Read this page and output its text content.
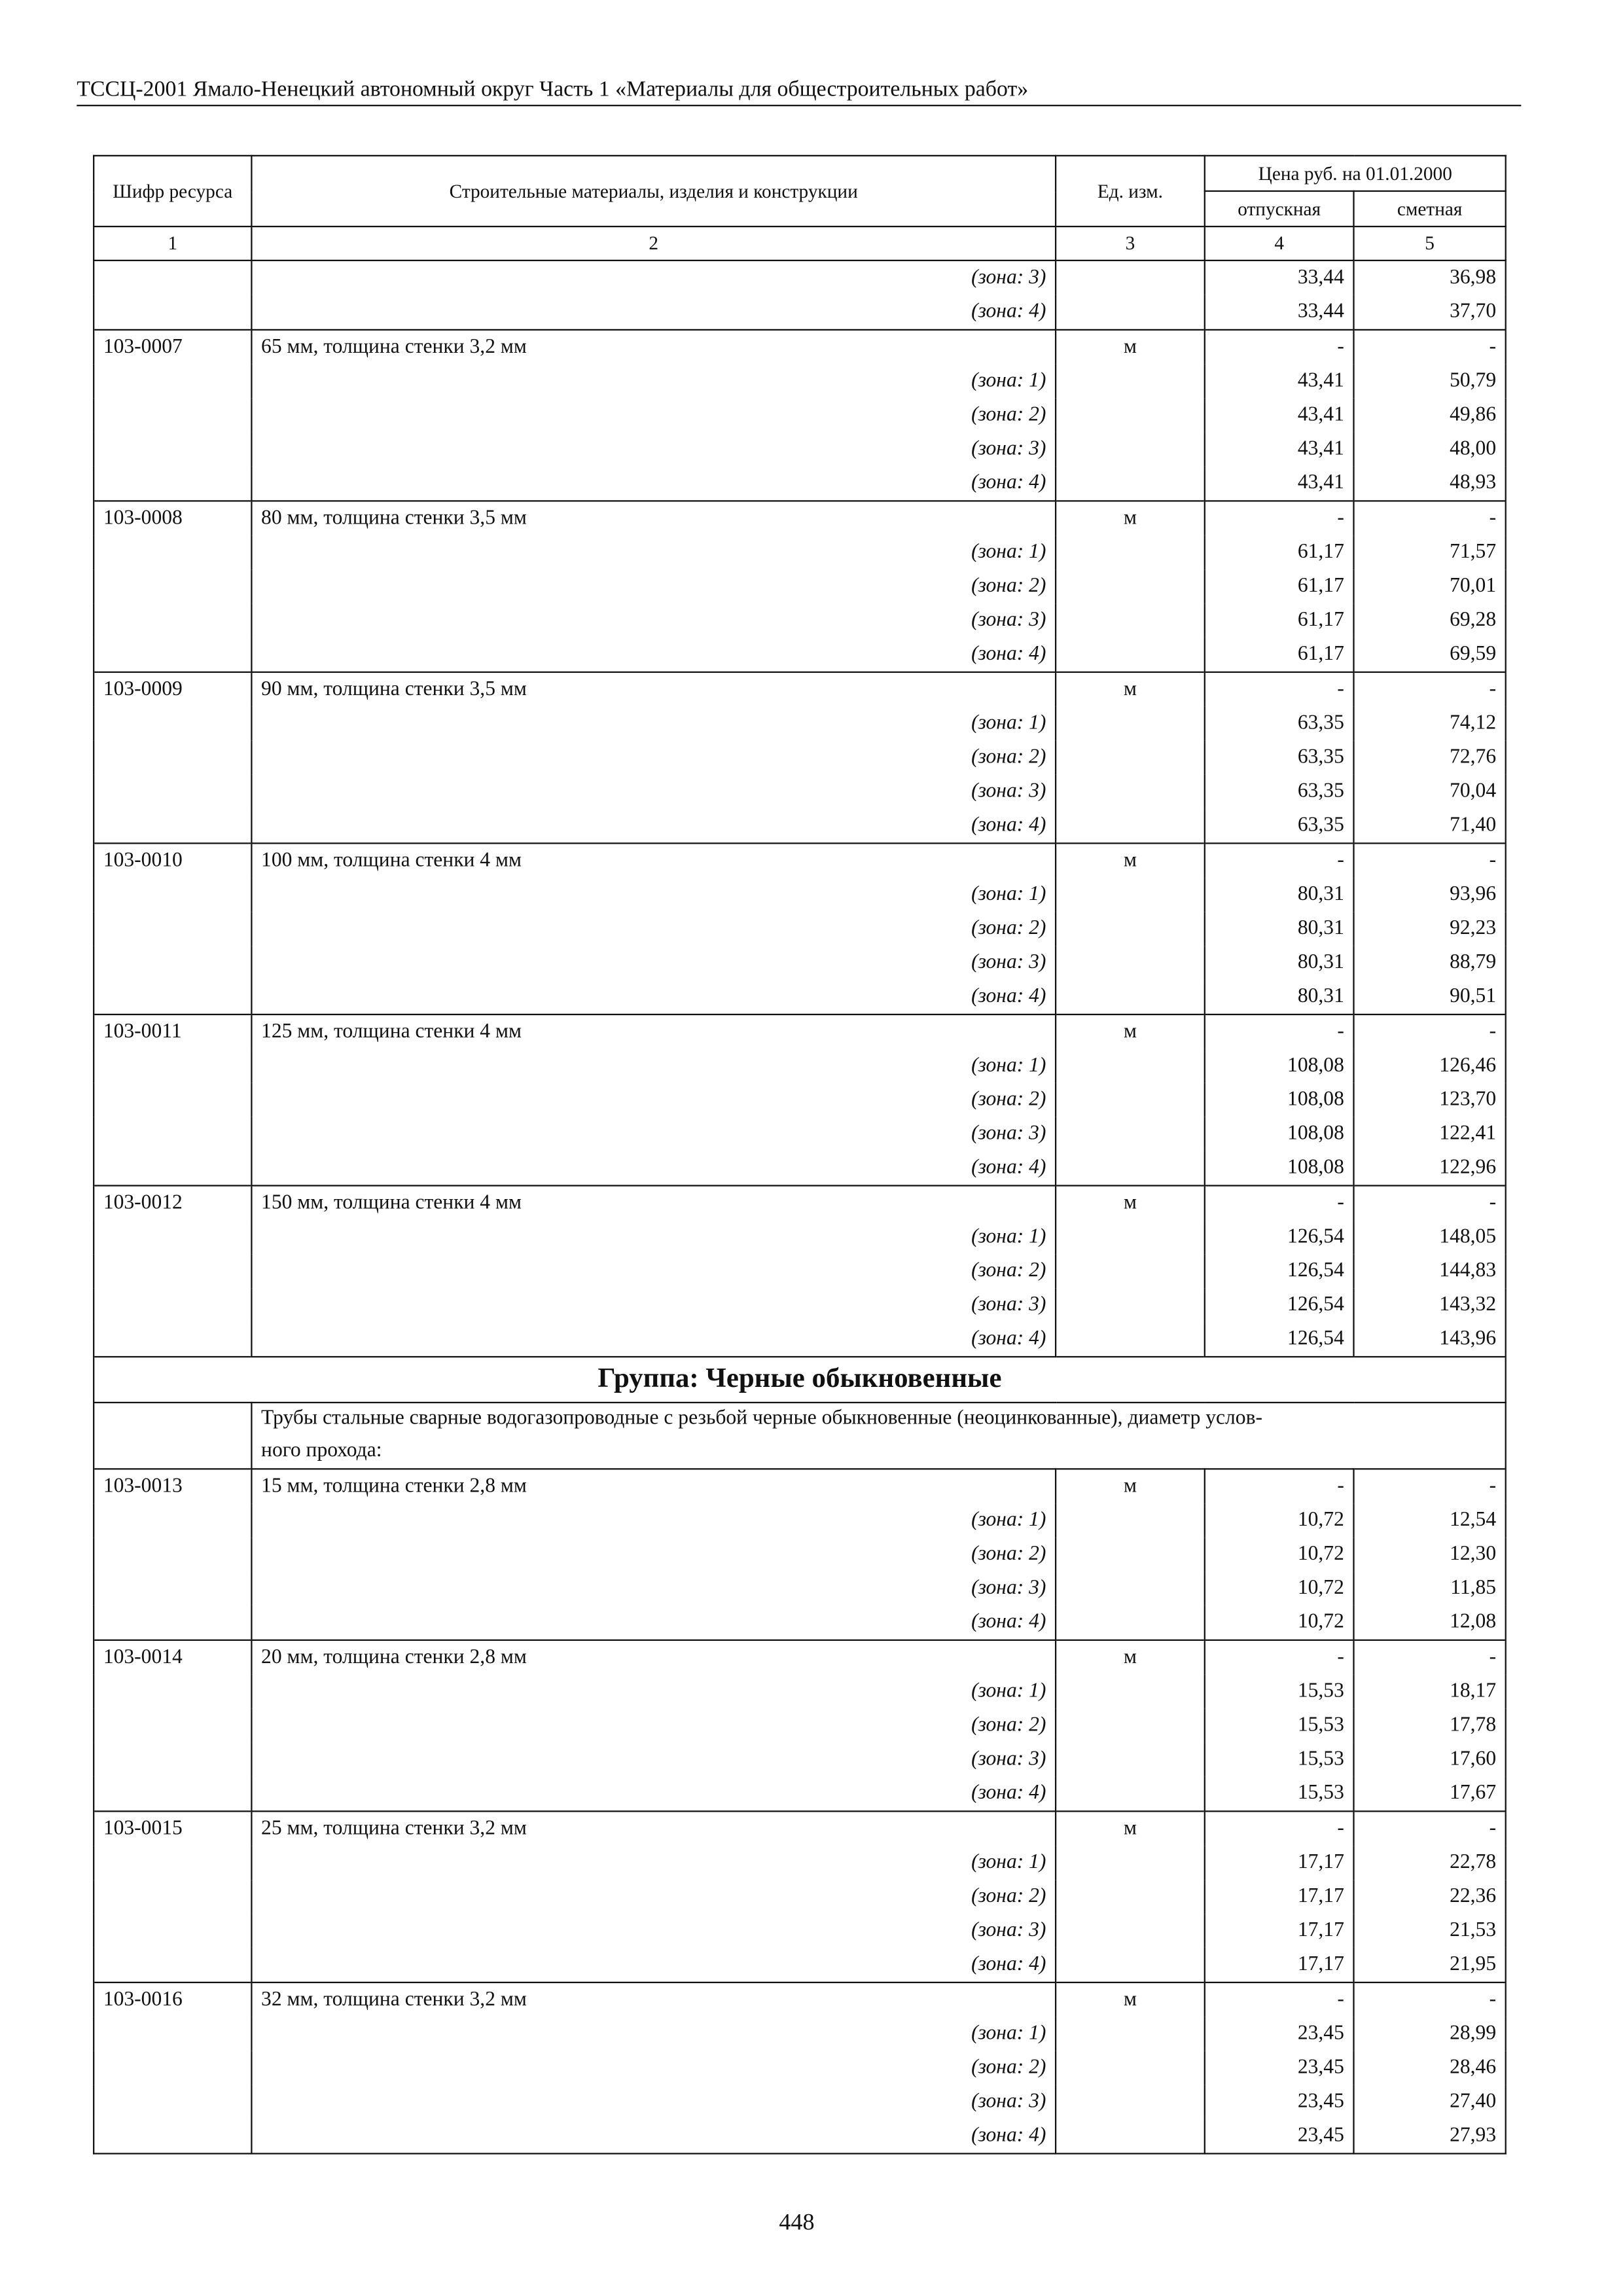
ТССЦ-2001 Ямало-Ненецкий автономный округ Часть 1 «Материалы для общестроительных работ»
Шифр ресурса	Строительные материалы, изделия и конструкции	Ед. изм.	Цена руб. на 01.01.2000	
			отпускная	сметная
1	2	3	4	5
	(зона: 3)		33,44	36,98
	(зона: 4)		33,44	37,70
103-0007	65 мм, толщина стенки 3,2 мм	м	-	-
	(зона: 1)		43,41	50,79
	(зона: 2)		43,41	49,86
	(зона: 3)		43,41	48,00
	(зона: 4)		43,41	48,93
103-0008	80 мм, толщина стенки 3,5 мм	м	-	-
	(зона: 1)		61,17	71,57
	(зона: 2)		61,17	70,01
	(зона: 3)		61,17	69,28
	(зона: 4)		61,17	69,59
103-0009	90 мм, толщина стенки 3,5 мм	м	-	-
	(зона: 1)		63,35	74,12
	(зона: 2)		63,35	72,76
	(зона: 3)		63,35	70,04
	(зона: 4)		63,35	71,40
103-0010	100 мм, толщина стенки 4 мм	м	-	-
	(зона: 1)		80,31	93,96
	(зона: 2)		80,31	92,23
	(зона: 3)		80,31	88,79
	(зона: 4)		80,31	90,51
103-0011	125 мм, толщина стенки 4 мм	м	-	-
	(зона: 1)		108,08	126,46
	(зона: 2)		108,08	123,70
	(зона: 3)		108,08	122,41
	(зона: 4)		108,08	122,96
103-0012	150 мм, толщина стенки 4 мм	м	-	-
	(зона: 1)		126,54	148,05
	(зона: 2)		126,54	144,83
	(зона: 3)		126,54	143,32
	(зона: 4)		126,54	143,96
Группа: Черные обыкновенные				

	Трубы стальные сварные водогазопроводные с резьбой черные обыкновенные (неоцинкованные), диаметр услов-
ного прохода:			

103-0013	15 мм, толщина стенки 2,8 мм	м	-	-
	(зона: 1)		10,72	12,54
	(зона: 2)		10,72	12,30
	(зона: 3)		10,72	11,85
	(зона: 4)		10,72	12,08
103-0014	20 мм, толщина стенки 2,8 мм	м	-	-
	(зона: 1)		15,53	18,17
	(зона: 2)		15,53	17,78
	(зона: 3)		15,53	17,60
	(зона: 4)		15,53	17,67
103-0015	25 мм, толщина стенки 3,2 мм	м	-	-
	(зона: 1)		17,17	22,78
	(зона: 2)		17,17	22,36
	(зона: 3)		17,17	21,53
	(зона: 4)		17,17	21,95
103-0016	32 мм, толщина стенки 3,2 мм	м	-	-
	(зона: 1)		23,45	28,99
	(зона: 2)		23,45	28,46
	(зона: 3)		23,45	27,40
	(зона: 4)		23,45	27,93
448
